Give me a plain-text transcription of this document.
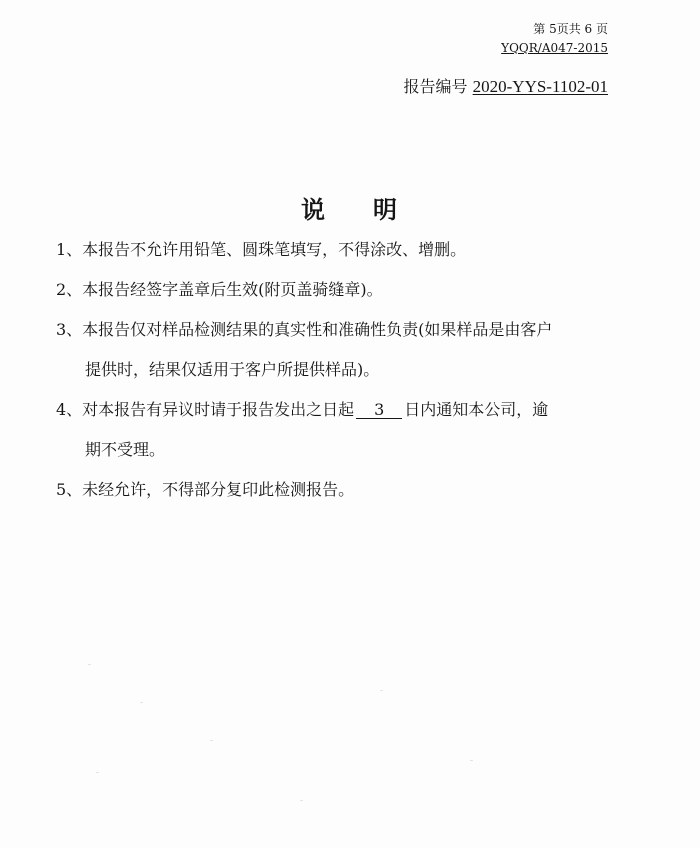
第 5页共 6 页
YQQR/A047-2015
报告编号 2020-YYS-1102-01
说 明
1、本报告不允许用铅笔、圆珠笔填写，不得涂改、增删。
2、本报告经签字盖章后生效(附页盖骑缝章)。
3、本报告仅对样品检测结果的真实性和准确性负责(如果样品是由客户
提供时，结果仅适用于客户所提供样品)。
4、对本报告有异议时请于报告发出之日起 3 日内通知本公司，逾
期不受理。
5、未经允许，不得部分复印此检测报告。
